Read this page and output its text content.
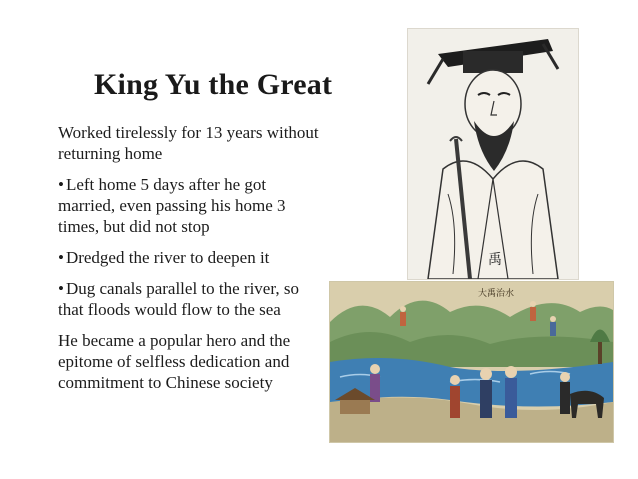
King Yu the Great

Worked tirelessly for 13 years without returning home

• Left home 5 days after he got married, even passing his home 3 times, but did not stop

• Dredged the river to deepen it

• Dug canals parallel to the river, so that floods would flow to the sea

He became a popular hero and the epitome of selfless dedication and commitment to Chinese society

禹
大禹治水
